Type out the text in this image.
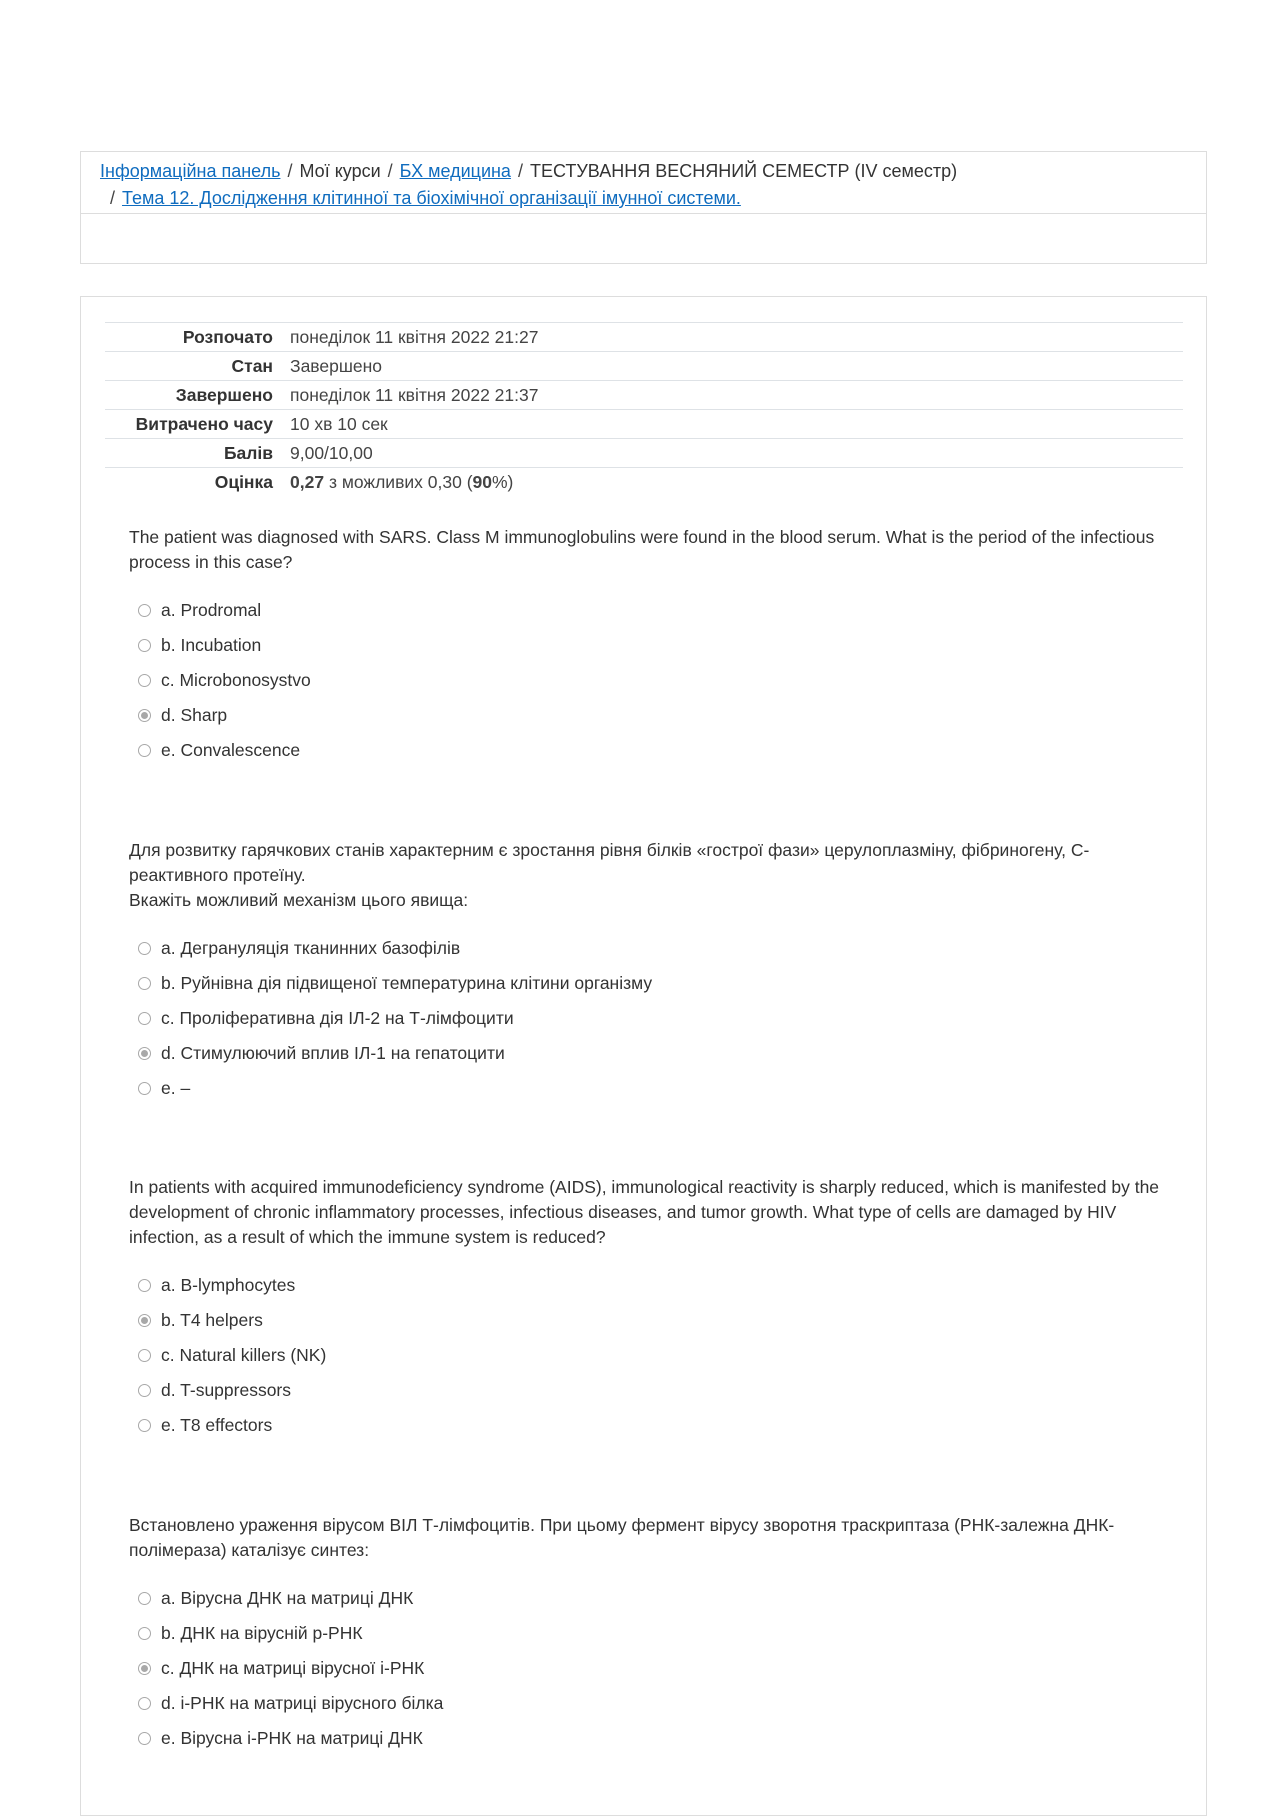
Інформаційна панель / Мої курси / БХ медицина / ТЕСТУВАННЯ ВЕСНЯНИЙ СЕМЕСТР (IV семестр)
/ Тема 12. Дослідження клітинної та біохімічної організації імунної системи.
Розпочато	понеділок 11 квітня 2022 21:27
Стан	Завершено
Завершено	понеділок 11 квітня 2022 21:37
Витрачено часу	10 хв 10 сек
Балів	9,00/10,00
Оцінка	0,27 з можливих 0,30 (90%)
The patient was diagnosed with SARS. Class M immunoglobulins were found in the blood serum. What is the period of the infectious process in this case?
a. Prodromal
b. Incubation
c. Microbonosystvo
d. Sharp
e. Convalescence
Для розвитку гарячкових станів характерним є зростання рівня білків «гострої фази» церулоплазміну, фібриногену, С-реактивного протеїну.
Вкажіть можливий механізм цього явища:
a. Дегрануляція тканинних базофілів
b. Руйнівна дія підвищеної температурина клітини організму
c. Проліферативна дія ІЛ-2 на Т-лімфоцити
d. Стимулюючий вплив ІЛ-1 на гепатоцити
e. –
In patients with acquired immunodeficiency syndrome (AIDS), immunological reactivity is sharply reduced, which is manifested by the development of chronic inflammatory processes, infectious diseases, and tumor growth. What type of cells are damaged by HIV infection, as a result of which the immune system is reduced?
a. B-lymphocytes
b. T4 helpers
c. Natural killers (NK)
d. T-suppressors
e. T8 effectors
Встановлено ураження вірусом ВІЛ Т-лімфоцитів. При цьому фермент вірусу зворотня траскриптаза (РНК-залежна ДНК-полімераза) каталізує синтез:
a. Вірусна ДНК на матриці ДНК
b. ДНК на вірусній р-РНК
c. ДНК на матриці вірусної і-РНК
d. і-РНК на матриці вірусного білка
e. Вірусна і-РНК на матриці ДНК
